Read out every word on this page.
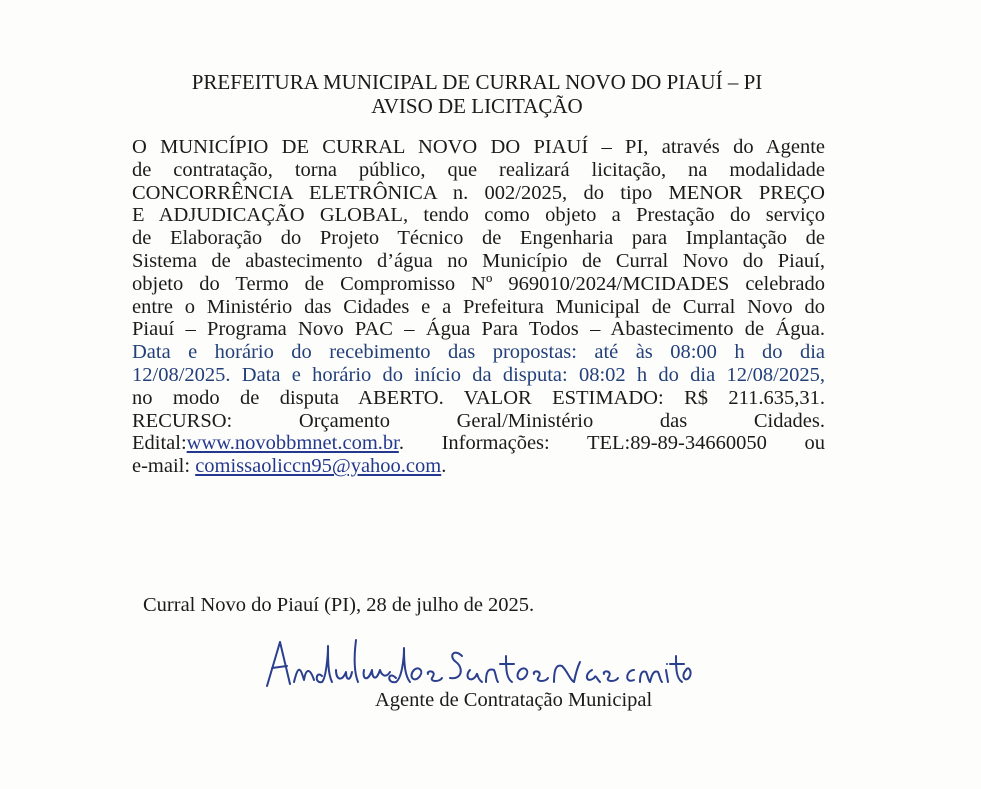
PREFEITURA MUNICIPAL DE CURRAL NOVO DO PIAUÍ – PI
AVISO DE LICITAÇÃO
O MUNICÍPIO DE CURRAL NOVO DO PIAUÍ – PI, através do Agente
de contratação, torna público, que realizará licitação, na modalidade
CONCORRÊNCIA ELETRÔNICA n. 002/2025, do tipo MENOR PREÇO
E ADJUDICAÇÃO GLOBAL, tendo como objeto a Prestação do serviço
de Elaboração do Projeto Técnico de Engenharia para Implantação de
Sistema de abastecimento d’água no Município de Curral Novo do Piauí,
objeto do Termo de Compromisso Nº 969010/2024/MCIDADES celebrado
entre o Ministério das Cidades e a Prefeitura Municipal de Curral Novo do
Piauí – Programa Novo PAC – Água Para Todos – Abastecimento de Água.
Data e horário do recebimento das propostas: até às 08:00 h do dia
12/08/2025. Data e horário do início da disputa: 08:02 h do dia 12/08/2025,
no modo de disputa ABERTO. VALOR ESTIMADO: R$ 211.635,31.
RECURSO: Orçamento Geral/Ministério das Cidades.
Edital:www.novobbmnet.com.br. Informações: TEL:89-89-34660050 ou
e-mail: comissaoliccn95@yahoo.com.
Curral Novo do Piauí (PI), 28 de julho de 2025.
Agente de Contratação Municipal
